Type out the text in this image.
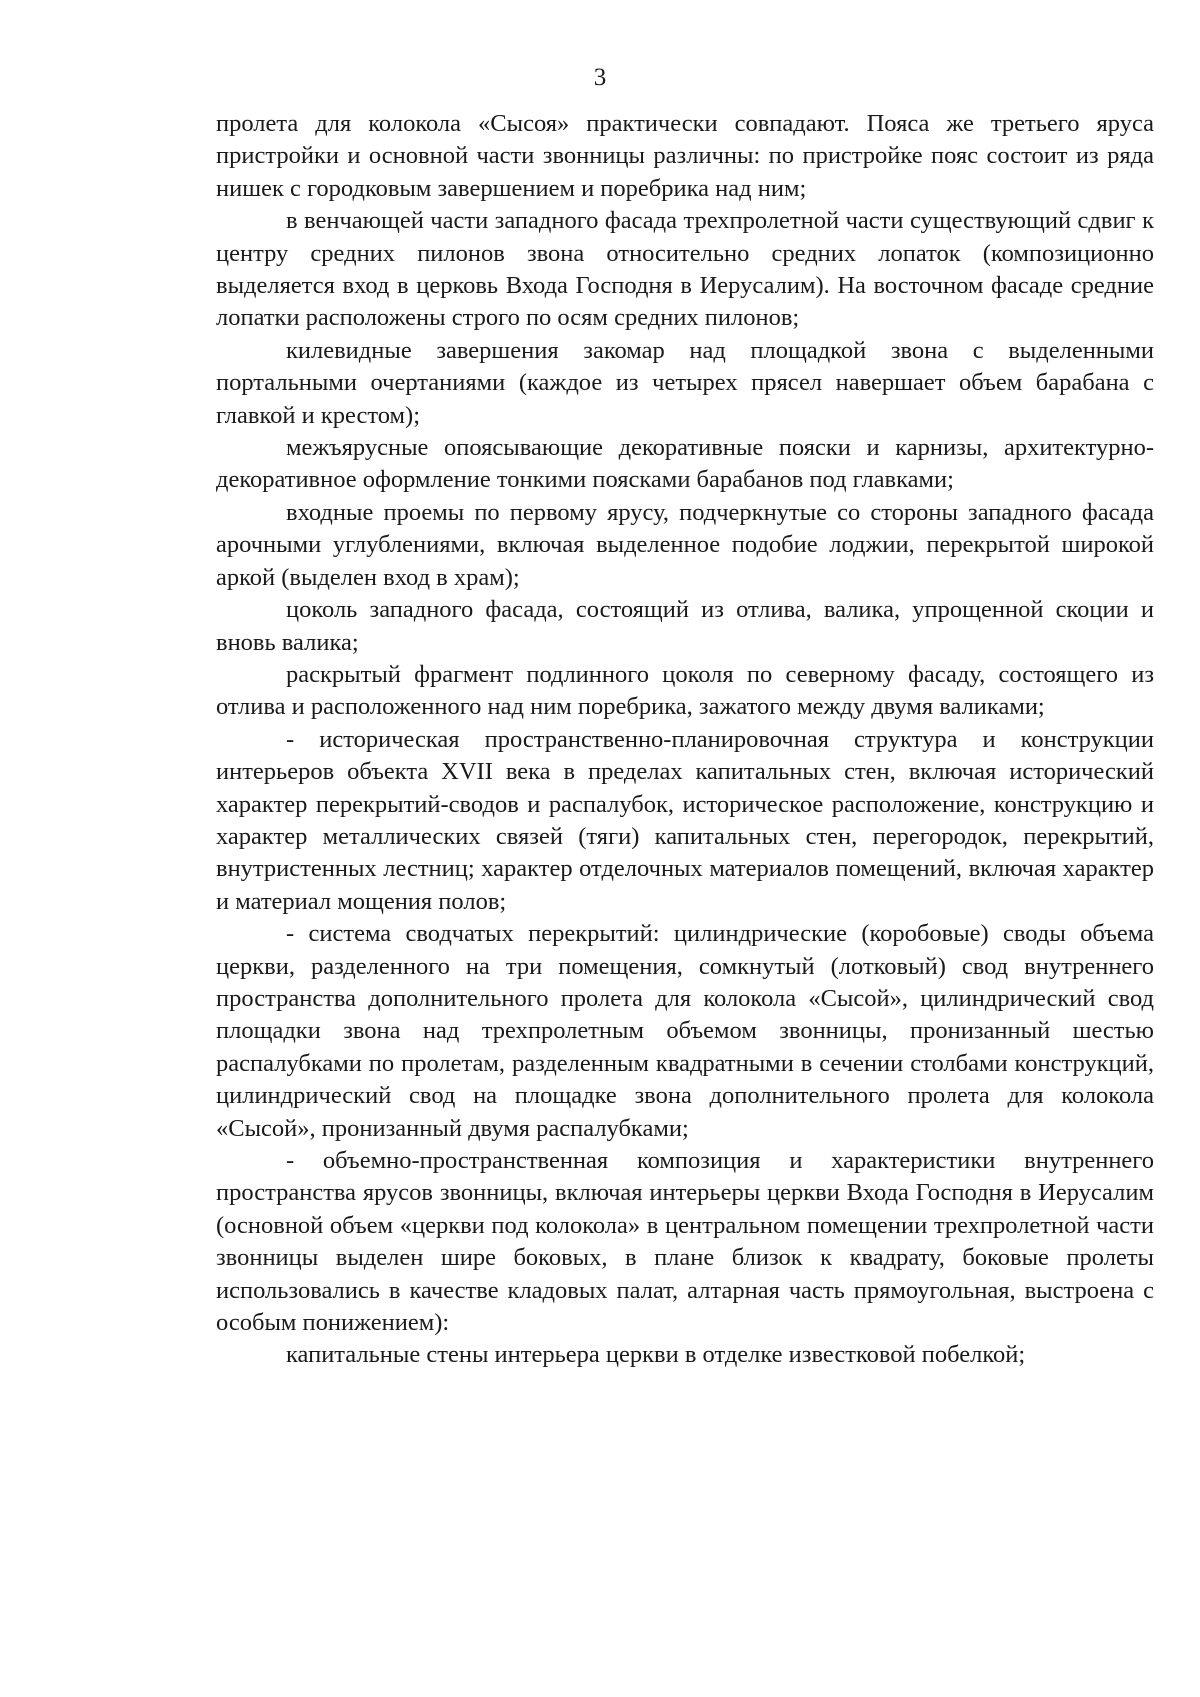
3

пролета для колокола «Сысоя» практически совпадают. Пояса же третьего яруса пристройки и основной части звонницы различны: по пристройке пояс состоит из ряда нишек с городковым завершением и поребрика над ним;

в венчающей части западного фасада трехпролетной части существующий сдвиг к центру средних пилонов звона относительно средних лопаток (композиционно выделяется вход в церковь Входа Господня в Иерусалим). На восточном фасаде средние лопатки расположены строго по осям средних пилонов;

килевидные завершения закомар над площадкой звона с выделенными портальными очертаниями (каждое из четырех прясел навершает объем барабана с главкой и крестом);

межъярусные опоясывающие декоративные пояски и карнизы, архитектурно-декоративное оформление тонкими поясками барабанов под главками;

входные проемы по первому ярусу, подчеркнутые со стороны западного фасада арочными углублениями, включая выделенное подобие лоджии, перекрытой широкой аркой (выделен вход в храм);

цоколь западного фасада, состоящий из отлива, валика, упрощенной скоции и вновь валика;

раскрытый фрагмент подлинного цоколя по северному фасаду, состоящего из отлива и расположенного над ним поребрика, зажатого между двумя валиками;

- историческая пространственно-планировочная структура и конструкции интерьеров объекта XVII века в пределах капитальных стен, включая исторический характер перекрытий-сводов и распалубок, историческое расположение, конструкцию и характер металлических связей (тяги) капитальных стен, перегородок, перекрытий, внутристенных лестниц; характер отделочных материалов помещений, включая характер и материал мощения полов;

- система сводчатых перекрытий: цилиндрические (коробовые) своды объема церкви, разделенного на три помещения, сомкнутый (лотковый) свод внутреннего пространства дополнительного пролета для колокола «Сысой», цилиндрический свод площадки звона над трехпролетным объемом звонницы, пронизанный шестью распалубками по пролетам, разделенным квадратными в сечении столбами конструкций, цилиндрический свод на площадке звона дополнительного пролета для колокола «Сысой», пронизанный двумя распалубками;

- объемно-пространственная композиция и характеристики внутреннего пространства ярусов звонницы, включая интерьеры церкви Входа Господня в Иерусалим (основной объем «церкви под колокола» в центральном помещении трехпролетной части звонницы выделен шире боковых, в плане близок к квадрату, боковые пролеты использовались в качестве кладовых палат, алтарная часть прямоугольная, выстроена с особым понижением):

капитальные стены интерьера церкви в отделке известковой побелкой;
